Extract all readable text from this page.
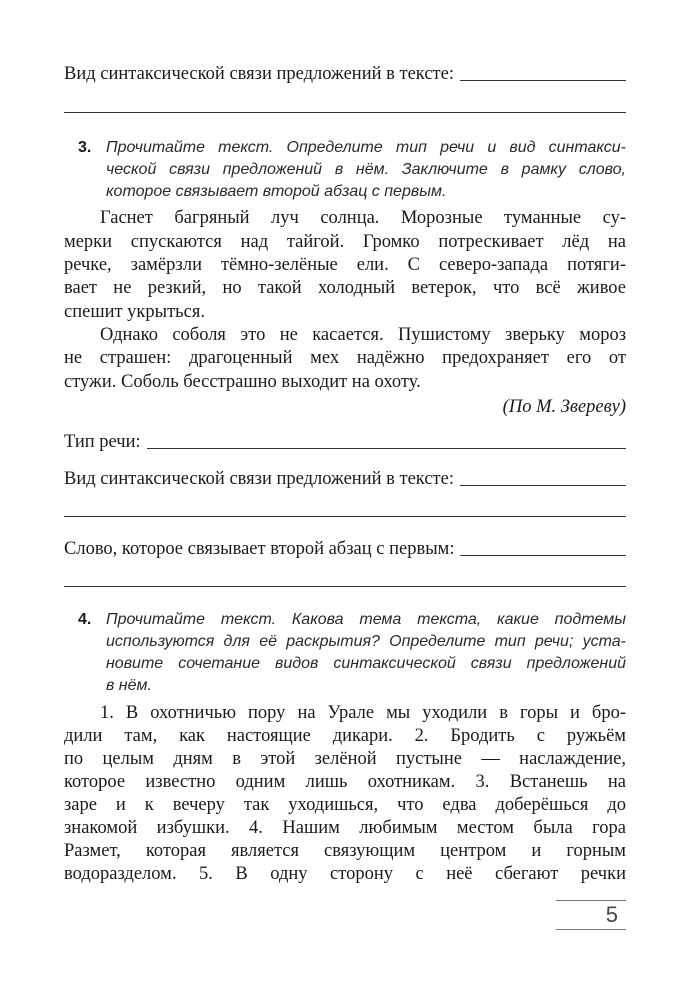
Вид синтаксической связи предложений в тексте:
3. Прочитайте текст. Определите тип речи и вид синтакси-
ческой связи предложений в нём. Заключите в рамку слово,
которое связывает второй абзац с первым.
Гаснет багряный луч солнца. Морозные туманные су-
мерки спускаются над тайгой. Громко потрескивает лёд на
речке, замёрзли тёмно-зелёные ели. С северо-запада потяги-
вает не резкий, но такой холодный ветерок, что всё живое
спешит укрыться.
Однако соболя это не касается. Пушистому зверьку мороз
не страшен: драгоценный мех надёжно предохраняет его от
стужи. Соболь бесстрашно выходит на охоту.
(По М. Звереву)
Тип речи:
Вид синтаксической связи предложений в тексте:
Слово, которое связывает второй абзац с первым:
4. Прочитайте текст. Какова тема текста, какие подтемы
используются для её раскрытия? Определите тип речи; уста-
новите сочетание видов синтаксической связи предложений
в нём.
1. В охотничью пору на Урале мы уходили в горы и бро-
дили там, как настоящие дикари. 2. Бродить с ружьём
по целым дням в этой зелёной пустыне — наслаждение,
которое известно одним лишь охотникам. 3. Встанешь на
заре и к вечеру так уходишься, что едва доберёшься до
знакомой избушки. 4. Нашим любимым местом была гора
Размет, которая является связующим центром и горным
водоразделом. 5. В одну сторону с неё сбегают речки
5
